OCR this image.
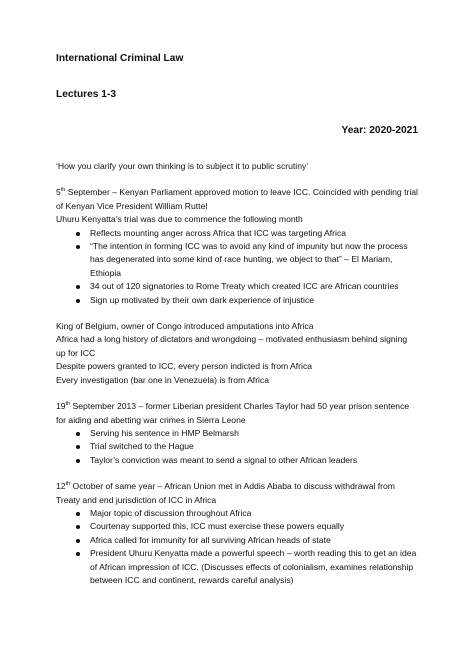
International Criminal Law
Lectures 1-3
Year: 2020-2021

‘How you clarify your own thinking is to subject it to public scrutiny’

5th September – Kenyan Parliament approved motion to leave ICC. Coincided with pending trial of Kenyan Vice President William Ruttel

Uhuru Kenyatta’s trial was due to commence the following month

Reflects mounting anger across Africa that ICC was targeting Africa
“The intention in forming ICC was to avoid any kind of impunity but now the process has degenerated into some kind of race hunting, we object to that” – El Mariam, Ethiopia
34 out of 120 signatories to Rome Treaty which created ICC are African countries
Sign up motivated by their own dark experience of injustice

King of Belgium, owner of Congo introduced amputations into Africa

Africa had a long history of dictators and wrongdoing – motivated enthusiasm behind signing up for ICC

Despite powers granted to ICC, every person indicted is from Africa

Every investigation (bar one in Venezuela) is from Africa

19th September 2013 – former Liberian president Charles Taylor had 50 year prison sentence for aiding and abetting war crimes in Sierra Leone

Serving his sentence in HMP Belmarsh
Trial switched to the Hague
Taylor’s conviction was meant to send a signal to other African leaders

12th October of same year – African Union met in Addis Ababa to discuss withdrawal from Treaty and end jurisdiction of ICC in Africa

Major topic of discussion throughout Africa
Courtenay supported this, ICC must exercise these powers equally
Africa called for immunity for all surviving African heads of state
President Uhuru Kenyatta made a powerful speech – worth reading this to get an idea of African impression of ICC. (Discusses effects of colonialism, examines relationship between ICC and continent, rewards careful analysis)
